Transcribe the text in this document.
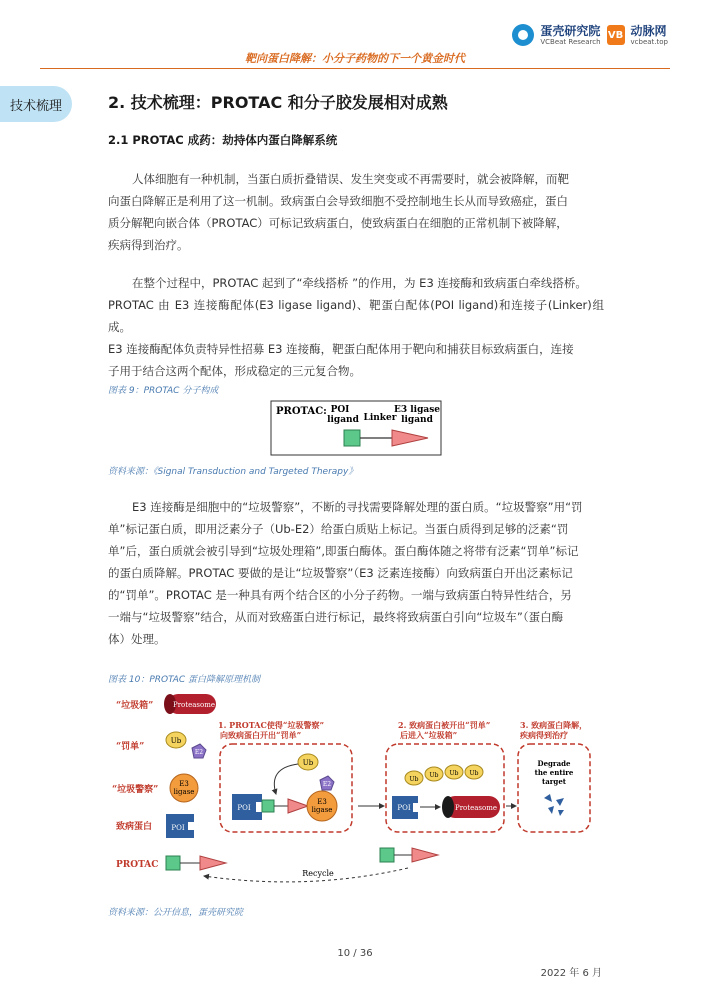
蛋壳研究院
VCBeat Research
VB 动脉网
vcbeat.top
靶向蛋白降解：小分子药物的下一个黄金时代
技术梳理	2. 技术梳理：PROTAC 和分子胶发展相对成熟
2.1 PROTAC 成药：劫持体内蛋白降解系统
人体细胞有一种机制，当蛋白质折叠错误、发生突变或不再需要时，就会被降解，而靶
向蛋白降解正是利用了这一机制。致病蛋白会导致细胞不受控制地生长从而导致癌症，蛋白
质分解靶向嵌合体（PROTAC）可标记致病蛋白，使致病蛋白在细胞的正常机制下被降解，
疾病得到治疗。
在整个过程中，PROTAC 起到了“牵线搭桥 ”的作用，为 E3 连接酶和致病蛋白牵线搭桥。
PROTAC 由 E3 连接酶配体(E3 ligase ligand)、靶蛋白配体(POI ligand)和连接子(Linker)组成。
E3 连接酶配体负责特异性招募 E3 连接酶，靶蛋白配体用于靶向和捕获目标致病蛋白，连接
子用于结合这两个配体，形成稳定的三元复合物。
图表 9：PROTAC 分子构成
PROTAC: POI
ligand Linker
E3 ligase
ligand
资料来源：《Signal Transduction and Targeted Therapy》
E3 连接酶是细胞中的“垃圾警察”，不断的寻找需要降解处理的蛋白质。“垃圾警察”用“罚
单”标记蛋白质，即用泛素分子（Ub-E2）给蛋白质贴上标记。当蛋白质得到足够的泛素“罚
单”后，蛋白质就会被引导到“垃圾处理箱”,即蛋白酶体。蛋白酶体随之将带有泛素“罚单”标记
的蛋白质降解。PROTAC 要做的是让“垃圾警察”（E3 泛素连接酶）向致病蛋白开出泛素标记
的“罚单”。PROTAC 是一种具有两个结合区的小分子药物。一端与致病蛋白特异性结合，另
一端与“垃圾警察”结合，从而对致癌蛋白进行标记，最终将致病蛋白引向“垃圾车”（蛋白酶
体）处理。
图表 10：PROTAC 蛋白降解原理机制
“垃圾箱”
“罚单”
“垃圾警察”
致病蛋白
PROTAC
Proteasome
Ub
E2
E3
ligase
POI
1. PROTAC使得“垃圾警察”
向致病蛋白开出“罚单”
2. 致病蛋白被开出“罚单”
后进入“垃圾箱”
3. 致病蛋白降解，
疾病得到治疗
Ub
E2
POI
E3
ligase
Ub
Ub Ub Ub
POI	Proteasome
Degrade
the entire
target
Recycle
资料来源：公开信息，蛋壳研究院
10 / 36
2022 年 6 月
